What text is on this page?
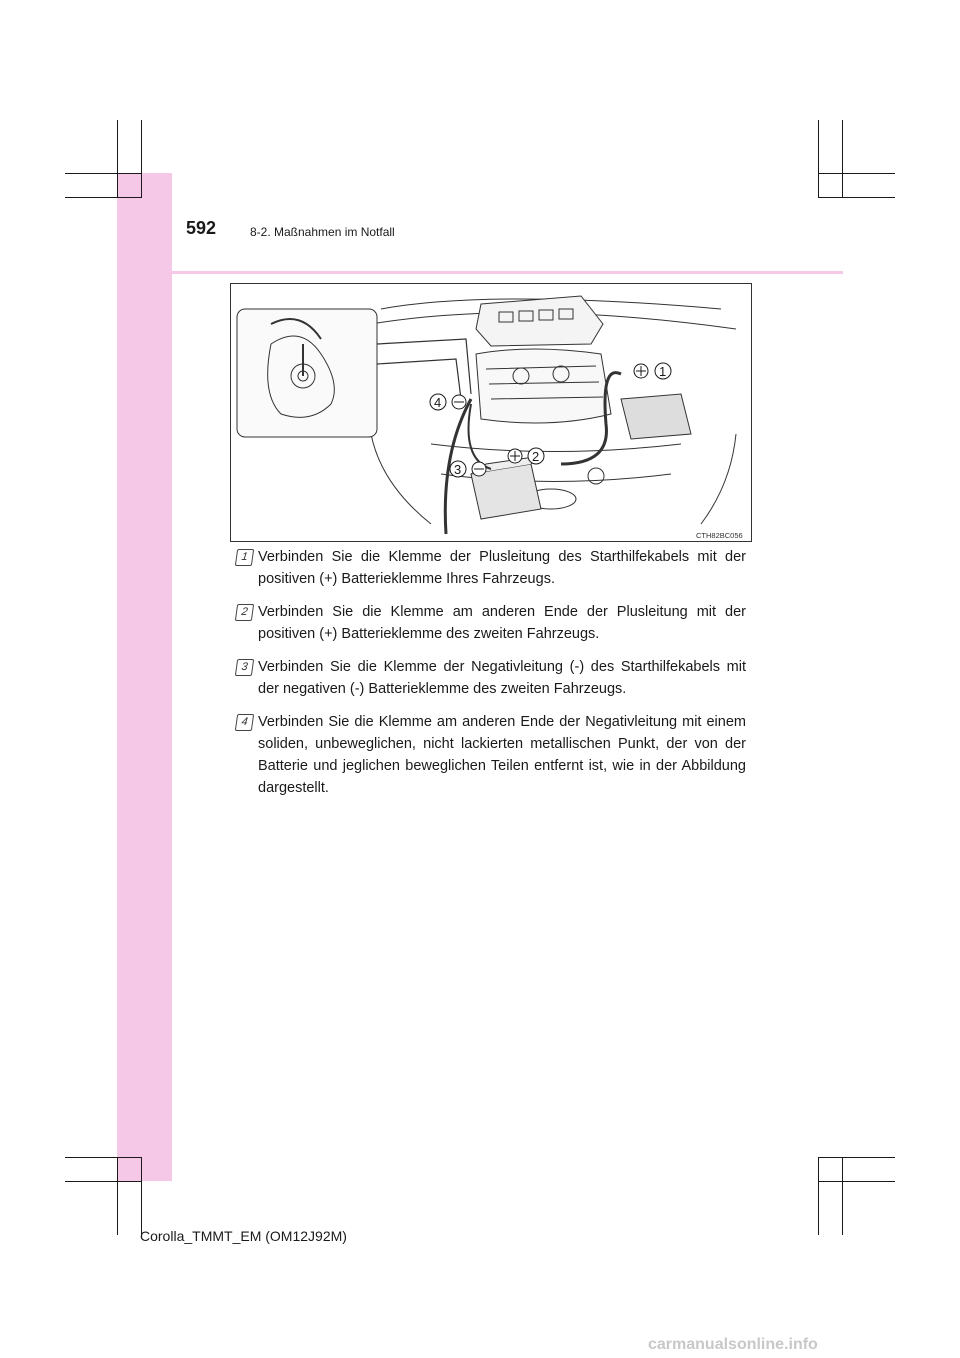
592	8-2. Maßnahmen im Notfall
1
2
3
4
CTH82BC056
1 Verbinden Sie die Klemme der Plusleitung des Starthilfekabels mit der positiven (+) Batterieklemme Ihres Fahrzeugs.
2 Verbinden Sie die Klemme am anderen Ende der Plusleitung mit der positiven (+) Batterieklemme des zweiten Fahrzeugs.
3 Verbinden Sie die Klemme der Negativleitung (-) des Starthilfekabels mit der negativen (-) Batterieklemme des zweiten Fahrzeugs.
4 Verbinden Sie die Klemme am anderen Ende der Negativleitung mit einem soliden, unbeweglichen, nicht lackierten metallischen Punkt, der von der Batterie und jeglichen beweglichen Teilen entfernt ist, wie in der Abbildung dargestellt.
Corolla_TMMT_EM (OM12J92M)
carmanualsonline.info
